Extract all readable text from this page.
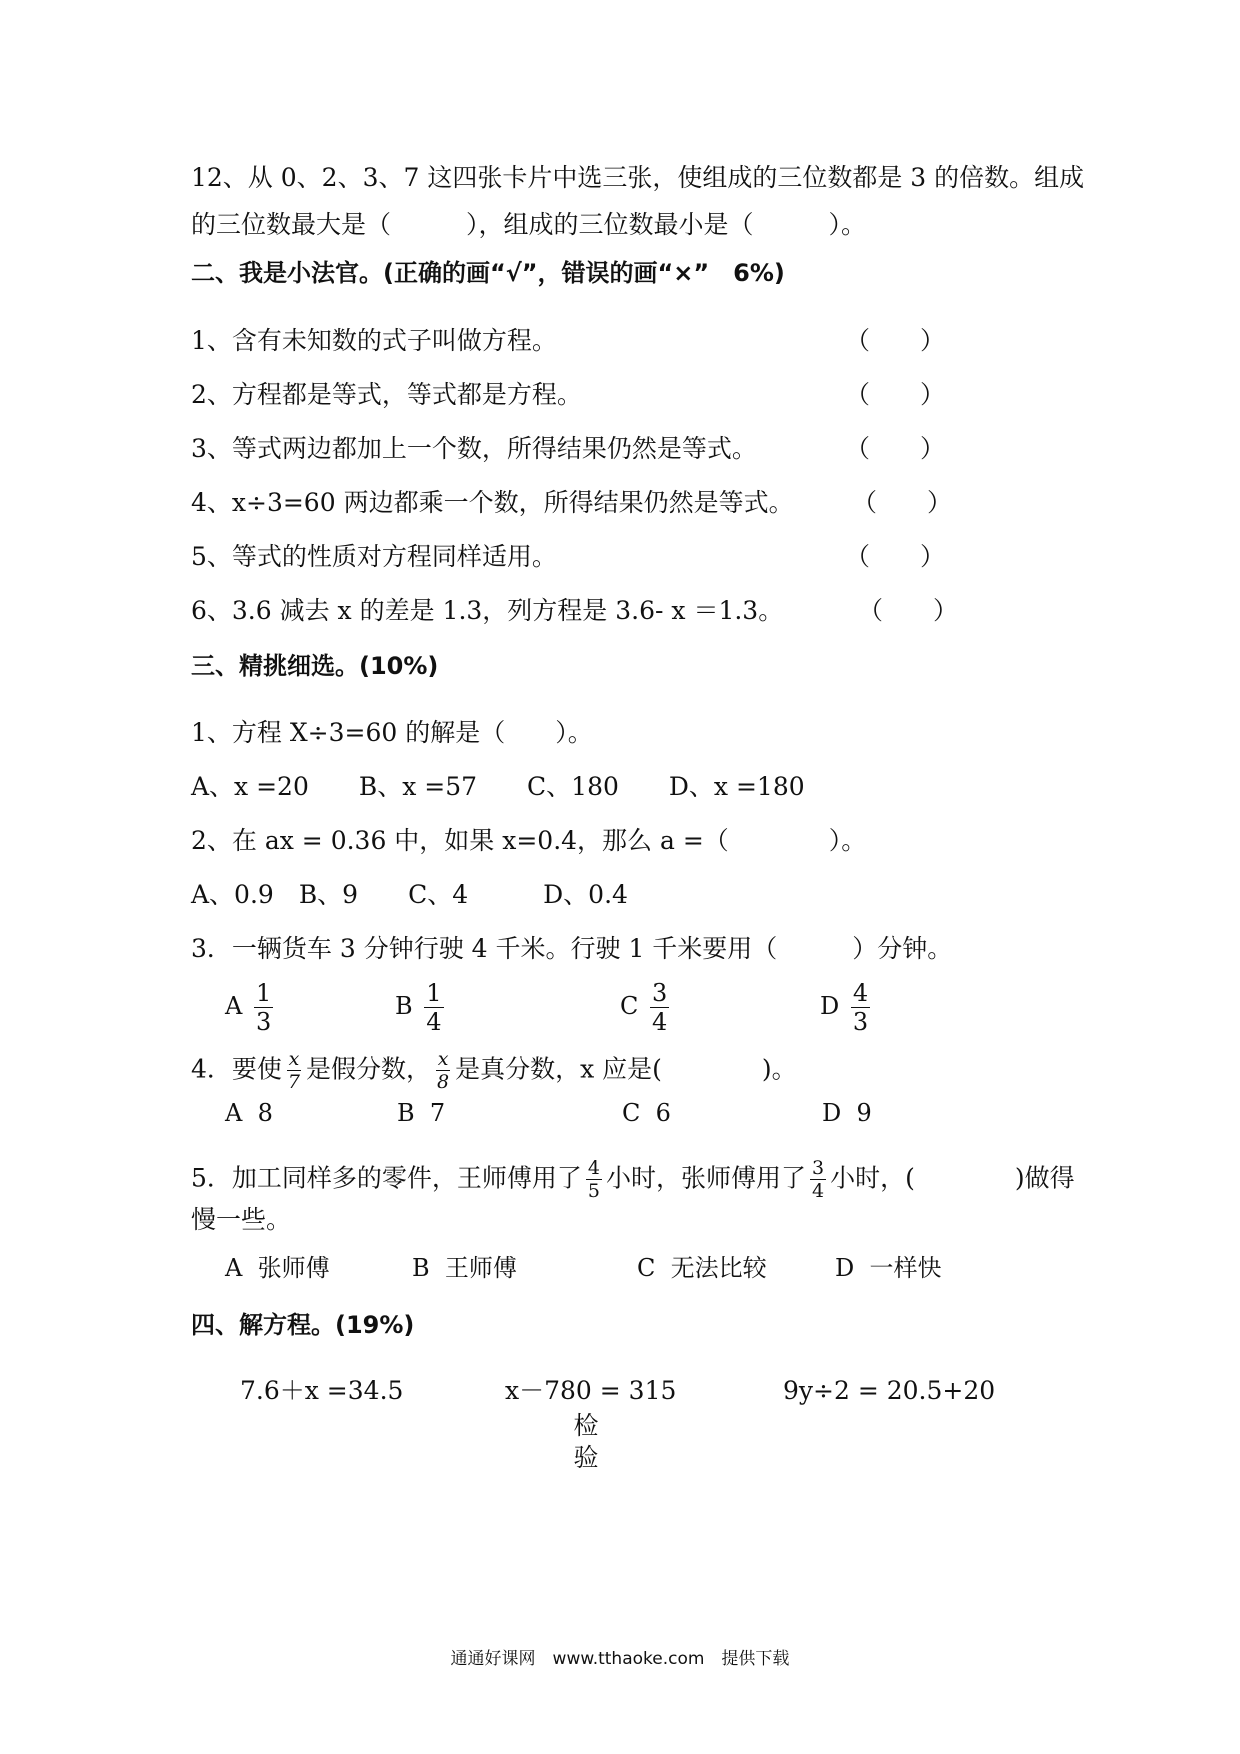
12、从 0、2、3、7 这四张卡片中选三张，使组成的三位数都是 3 的倍数。组成
的三位数最大是（　　　），组成的三位数最小是（　　　）。
二、我是小法官。(正确的画“√”，错误的画“×”　6%)
1、含有未知数的式子叫做方程。	（　　）
2、方程都是等式，等式都是方程。	（　　）
3、等式两边都加上一个数，所得结果仍然是等式。	（　　）
4、x÷3=60 两边都乘一个数，所得结果仍然是等式。 （　　）
5、等式的性质对方程同样适用。	（　　）
6、3.6 减去 x 的差是 1.3，列方程是 3.6- x ＝1.3。	（　　）
三、精挑细选。(10%)
1、方程 X÷3=60 的解是（　　）。
A、x =20　　B、x =57　　C、180　　D、x =180
2、在 ax = 0.36 中，如果 x=0.4，那么 a =（　　　　）。
A、0.9　B、9　　C、4　　　D、0.4
3．一辆货车 3 分钟行驶 4 千米。行驶 1 千米要用（　　　）分钟。
A $\frac{1}{3}$	B $\frac{1}{4}$	C $\frac{3}{4}$	D $\frac{4}{3}$
4．要使 $\frac{x}{7}$ 是假分数， $\frac{x}{8}$ 是真分数，x 应是(　　　　)。
A 8	B 7	C 6	D 9
5．加工同样多的零件，王师傅用了 $\frac{4}{5}$ 小时，张师傅用了 $\frac{3}{4}$ 小时，(　　　　)做得
慢一些。
A 张师傅	B 王师傅	C 无法比较	D 一样快
四、解方程。(19%)
7.6＋x =34.5	x－780 = 315	9y÷2 = 20.5+20
检
验
通通好课网　www.tthaoke.com　提供下载
